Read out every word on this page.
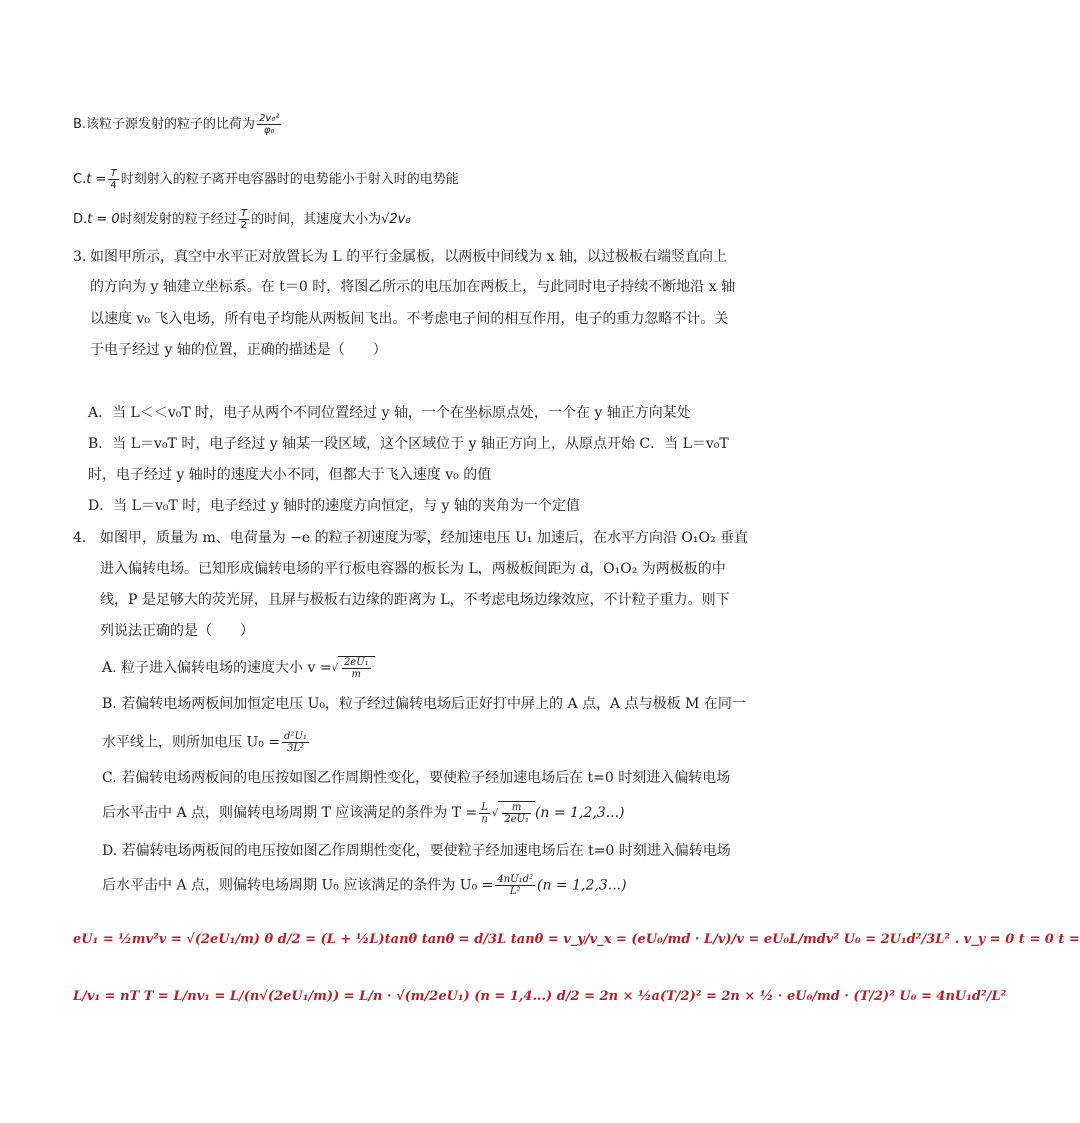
B.该粒子源发射的粒子的比荷为 $\frac{\text{2v₀²}}{\text{φ₀}}$
$C.t = \frac{T}{4}$ 时刻射入的粒子离开电容器时的电势能小于射入时的电势能
D.t = 0时刻发射的粒子经过 $\frac{T}{2}$ 的时间，其速度大小为√2v₀
3. 如图甲所示，真空中水平正对放置长为 L 的平行金属板，以两板中间线为 x 轴，以过极板右端竖直向上
的方向为 y 轴建立坐标系。在 t＝0 时，将图乙所示的电压加在两板上，与此同时电子持续不断地沿 x 轴
以速度 v₀ 飞入电场，所有电子均能从两板间飞出。不考虑电子间的相互作用，电子的重力忽略不计。关
于电子经过 y 轴的位置，正确的描述是（　　）
A．当 L＜＜v₀T 时，电子从两个不同位置经过 y 轴，一个在坐标原点处，一个在 y 轴正方向某处
B．当 L＝v₀T 时，电子经过 y 轴某一段区域，这个区域位于 y 轴正方向上，从原点开始 C．当 L＝v₀T
时，电子经过 y 轴时的速度大小不同，但都大于飞入速度 v₀ 的值
D．当 L＝v₀T 时，电子经过 y 轴时的速度方向恒定，与 y 轴的夹角为一个定值
4. 如图甲，质量为 m、电荷量为 −e 的粒子初速度为零，经加速电压 U₁ 加速后，在水平方向沿 O₁O₂ 垂直
进入偏转电场。已知形成偏转电场的平行板电容器的板长为 L，两极板间距为 d，O₁O₂ 为两极板的中
线，P 是足够大的荧光屏，且屏与极板右边缘的距离为 L，不考虑电场边缘效应，不计粒子重力。则下
列说法正确的是（　　）
A. 粒子进入偏转电场的速度大小 v =√ $\frac{\text{2eU₁}}{m}$
B. 若偏转电场两板间加恒定电压 U₀，粒子经过偏转电场后正好打中屏上的 A 点，A 点与极板 M 在同一
水平线上，则所加电压 $U_0 = \frac{\text{d²U₁}}{\text{3L²}}$
C. 若偏转电场两板间的电压按如图乙作周期性变化，要使粒子经加速电场后在 t=0 时刻进入偏转电场
后水平击中 A 点，则偏转电场周期 T 应该满足的条件为 $T = \frac{L}{n}$ √ $\frac{m}{\text{2eU₁}} (n = 1,2,3...)$
D. 若偏转电场两板间的电压按如图乙作周期性变化，要使粒子经加速电场后在 t=0 时刻进入偏转电场
后水平击中 A 点，则偏转电场周期 U₀ 应该满足的条件为 $U_0 = \frac{\text{4nU₁d²}}{\text{L²}} (n = 1,2,3...)$
eU₁ = ½mv²v = √(2eU₁/m) θ d/2 = (L + ½L)tanθ tanθ = d/3L tanθ = v_y/v_x = (eU₀/md · L/v)/v = eU₀L/mdv² U₀ = 2U₁d²/3L² . v_y = 0 t = 0 t =
L/v₁ = nT T = L/nv₁ = L/(n√(2eU₁/m)) = L/n · √(m/2eU₁) (n = 1,4...) d/2 = 2n × ½a(T/2)² = 2n × ½ · eU₀/md · (T/2)² U₀ = 4nU₁d²/L²
